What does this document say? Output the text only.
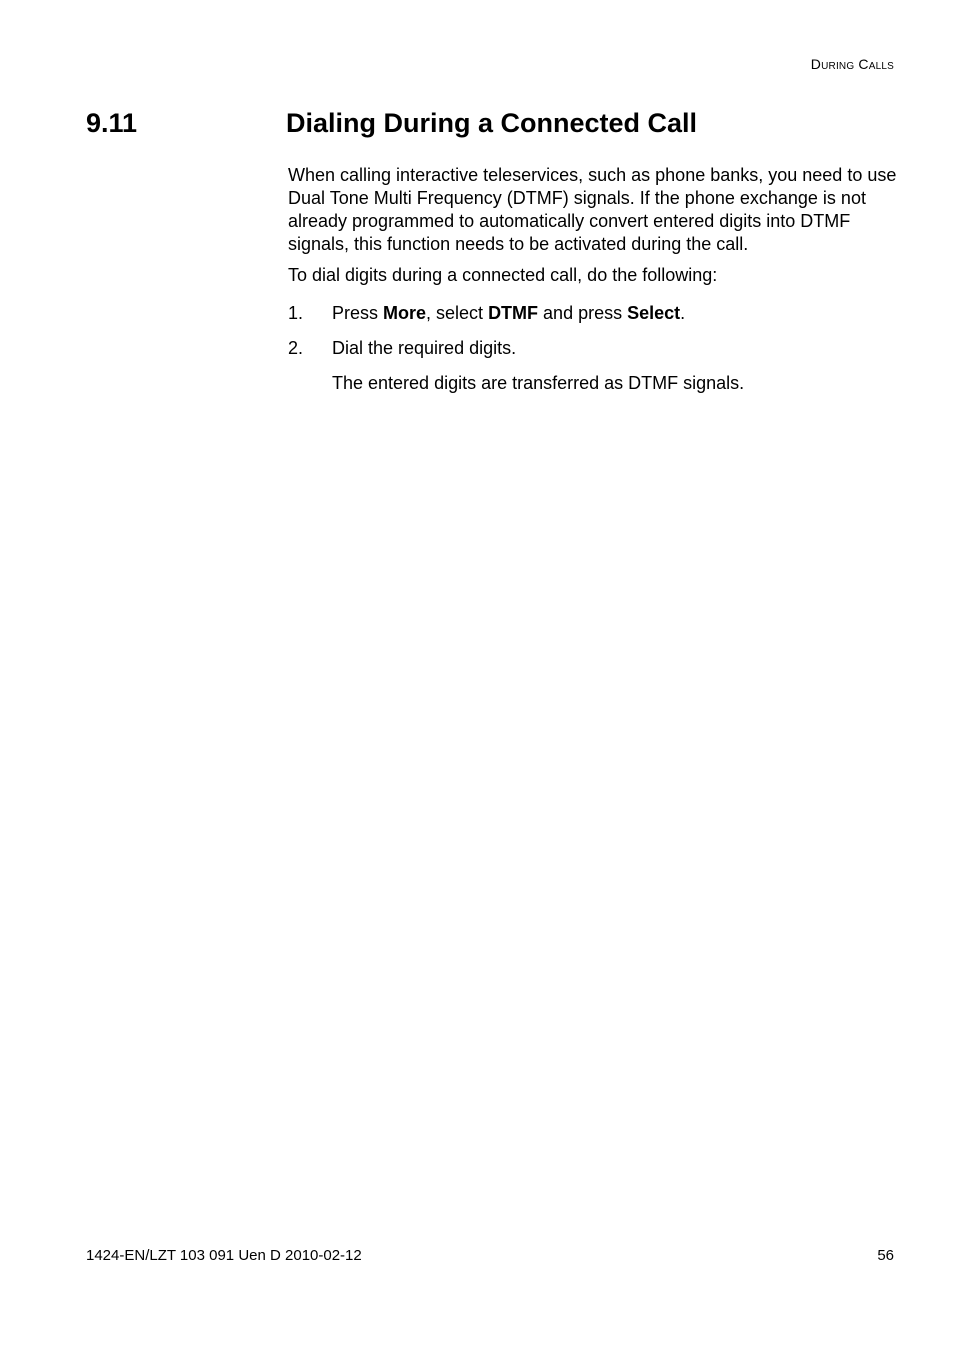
During Calls
9.11	Dialing During a Connected Call

When calling interactive teleservices, such as phone banks, you need to use Dual Tone Multi Frequency (DTMF) signals. If the phone exchange is not already programmed to automatically convert entered digits into DTMF signals, this function needs to be activated during the call.

To dial digits during a connected call, do the following:

1. Press More, select DTMF and press Select.
2. Dial the required digits.
The entered digits are transferred as DTMF signals.
1424-EN/LZT 103 091 Uen D 2010-02-12	56
